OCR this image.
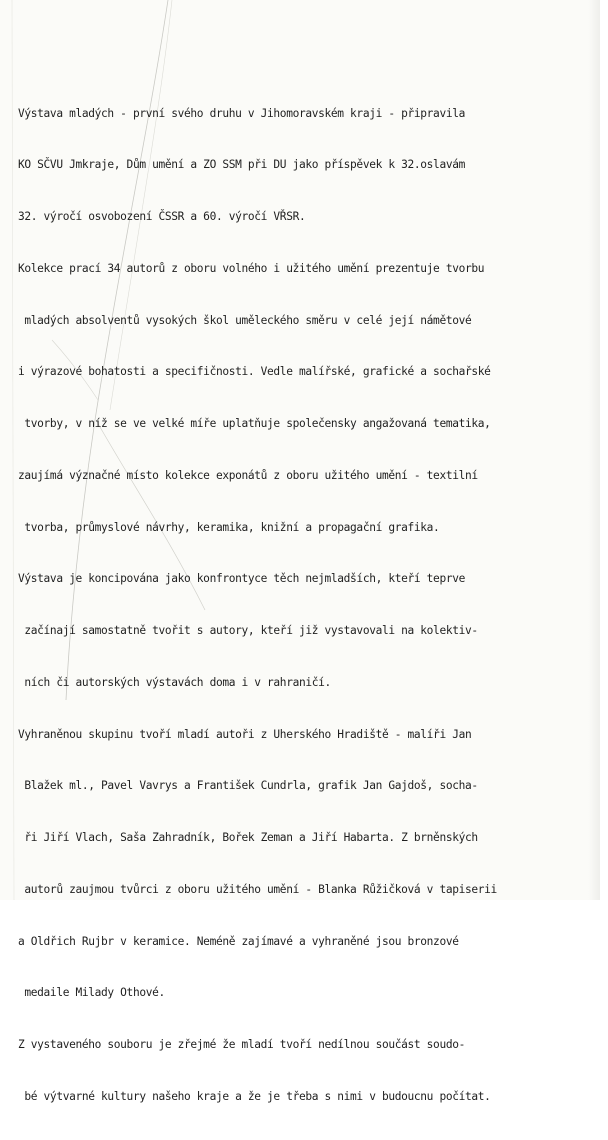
Výstava mladých - první svého druhu v Jihomoravském kraji - připravila

KO SČVU Jmkraje, Dům umění a ZO SSM při DU jako příspěvek k 32.oslavám

32. výročí osvobození ČSSR a 60. výročí VŘSR.

Kolekce prací 34 autorů z oboru volného i užitého umění prezentuje tvorbu

mladých absolventů vysokých škol uměleckého směru v celé její námětové

i výrazové bohatosti a specifičnosti. Vedle malířské, grafické a sochařské

tvorby, v níž se ve velké míře uplatňuje společensky angažovaná tematika,

zaujímá význačné místo kolekce exponátů z oboru užitého umění - textilní

tvorba, průmyslové návrhy, keramika, knižní a propagační grafika.

Výstava je koncipována jako konfrontyce těch nejmladších, kteří teprve

začínají samostatně tvořit s autory, kteří již vystavovali na kolektiv-

ních či autorských výstavách doma i v rahraničí.

Vyhraněnou skupinu tvoří mladí autoři z Uherského Hradiště - malíři Jan

Blažek ml., Pavel Vavrys a František Cundrla, grafik Jan Gajdoš, socha-

ři Jiří Vlach, Saša Zahradník, Bořek Zeman a Jiří Habarta. Z brněnských

autorů zaujmou tvůrci z oboru užitého umění - Blanka Růžičková v tapiserii

a Oldřich Rujbr v keramice. Neméně zajímavé a vyhraněné jsou bronzové

medaile Milady Othové.

Z vystaveného souboru je zřejmé že mladí tvoří nedílnou součást soudo-

bé výtvarné kultury našeho kraje a že je třeba s nimi v budoucnu počítat.
